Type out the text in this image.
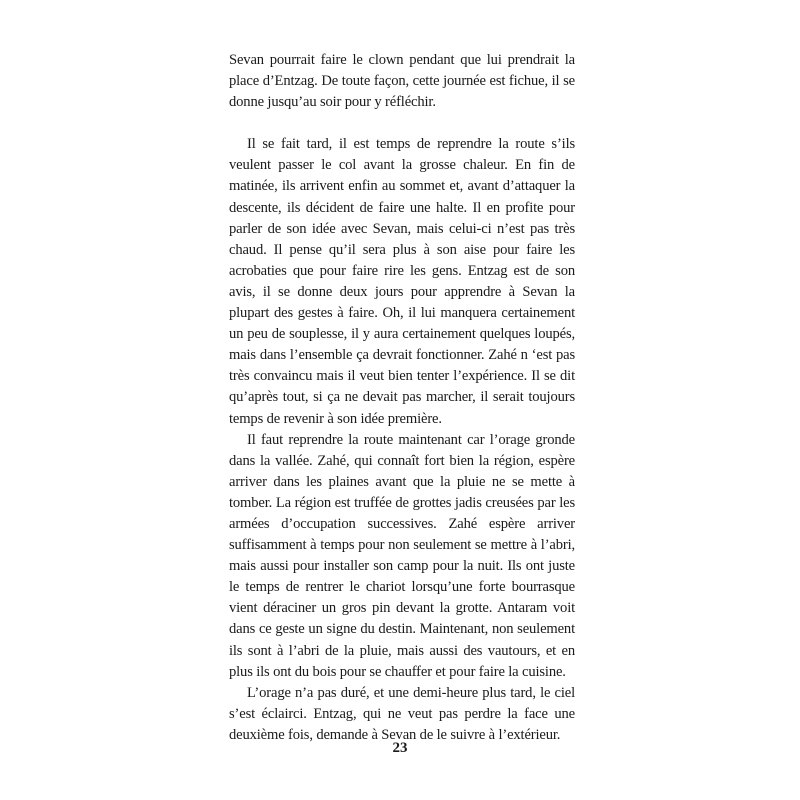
Sevan pourrait faire le clown pendant que lui prendrait la place d’Entzag. De toute façon, cette journée est fichue, il se donne jusqu’au soir pour y réfléchir.

Il se fait tard, il est temps de reprendre la route s’ils veulent passer le col avant la grosse chaleur. En fin de matinée, ils arrivent enfin au sommet et, avant d’attaquer la descente, ils décident de faire une halte. Il en profite pour parler de son idée avec Sevan, mais celui-ci n’est pas très chaud. Il pense qu’il sera plus à son aise pour faire les acrobaties que pour faire rire les gens. Entzag est de son avis, il se donne deux jours pour apprendre à Sevan la plupart des gestes à faire. Oh, il lui manquera certainement un peu de souplesse, il y aura certainement quelques loupés, mais dans l’ensemble ça devrait fonctionner. Zahé n ‘est pas très convaincu mais il veut bien tenter l’expérience. Il se dit qu’après tout, si ça ne devait pas marcher, il serait toujours temps de revenir à son idée première.

Il faut reprendre la route maintenant car l’orage gronde dans la vallée. Zahé, qui connaît fort bien la région, espère arriver dans les plaines avant que la pluie ne se mette à tomber. La région est truffée de grottes jadis creusées par les armées d’occupation successives. Zahé espère arriver suffisamment à temps pour non seulement se mettre à l’abri, mais aussi pour installer son camp pour la nuit. Ils ont juste le temps de rentrer le chariot lorsqu’une forte bourrasque vient déraciner un gros pin devant la grotte. Antaram voit dans ce geste un signe du destin. Maintenant, non seulement ils sont à l’abri de la pluie, mais aussi des vautours, et en plus ils ont du bois pour se chauffer et pour faire la cuisine.

L’orage n’a pas duré, et une demi-heure plus tard, le ciel s’est éclairci. Entzag, qui ne veut pas perdre la face une deuxième fois, demande à Sevan de le suivre à l’extérieur.

23
